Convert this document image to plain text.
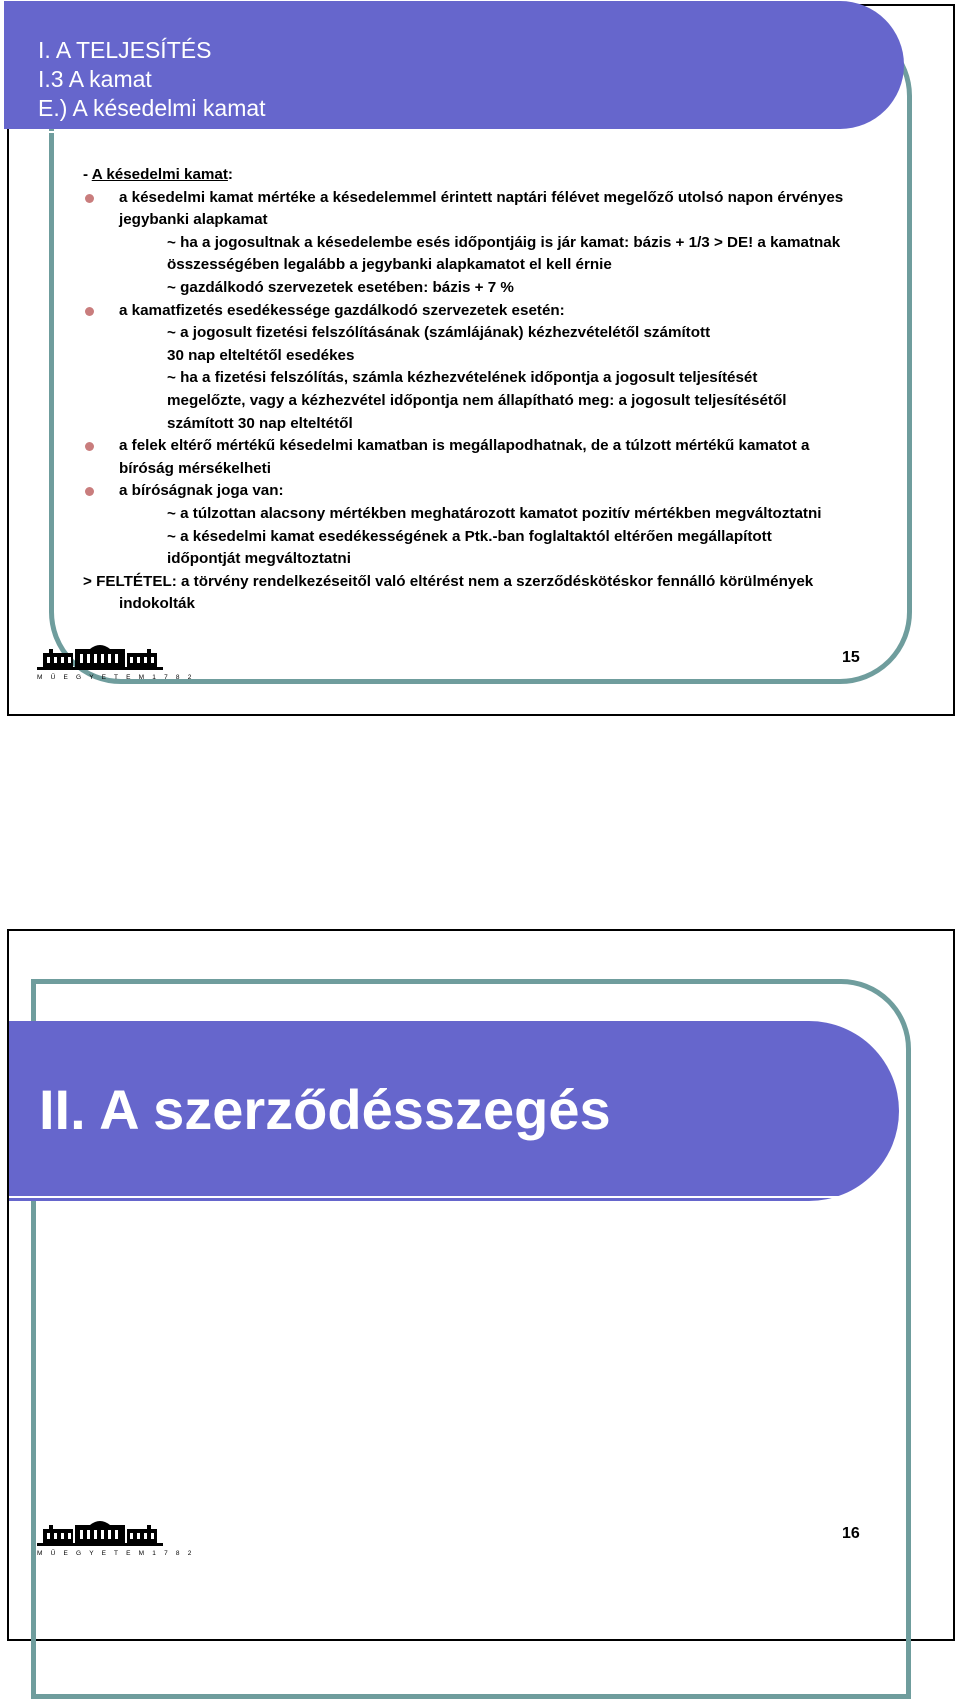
I. A TELJESÍTÉS
I.3 A kamat
E.) A késedelmi kamat
- A késedelmi kamat:
a késedelmi kamat mértéke a késedelemmel érintett naptári félévet megelőző utolsó napon érvényes
jegybanki alapkamat
~ ha a jogosultnak a késedelembe esés időpontjáig is jár kamat: bázis + 1/3 > DE! a kamatnak
összességében legalább a jegybanki alapkamatot el kell érnie
~ gazdálkodó szervezetek esetében: bázis + 7 %
a kamatfizetés esedékessége gazdálkodó szervezetek esetén:
~ a jogosult fizetési felszólításának (számlájának) kézhezvételétől számított
30 nap elteltétől esedékes
~ ha a fizetési felszólítás, számla kézhezvételének időpontja a jogosult teljesítését
megelőzte, vagy a kézhezvétel időpontja nem állapítható meg: a jogosult teljesítésétől
számított 30 nap elteltétől
a felek eltérő mértékű késedelmi kamatban is megállapodhatnak, de a túlzott mértékű kamatot a
bíróság mérsékelheti
a bíróságnak joga van:
~ a túlzottan alacsony mértékben meghatározott kamatot pozitív mértékben megváltoztatni
~ a késedelmi kamat esedékességének a Ptk.-ban foglaltaktól eltérően megállapított
időpontját megváltoztatni
> FELTÉTEL: a törvény rendelkezéseitől való eltérést nem a szerződéskötéskor fennálló körülmények
indokolták
M Ű E G Y E T E M 1 7 8 2
15
II. A szerződésszegés
M Ű E G Y E T E M 1 7 8 2
16
